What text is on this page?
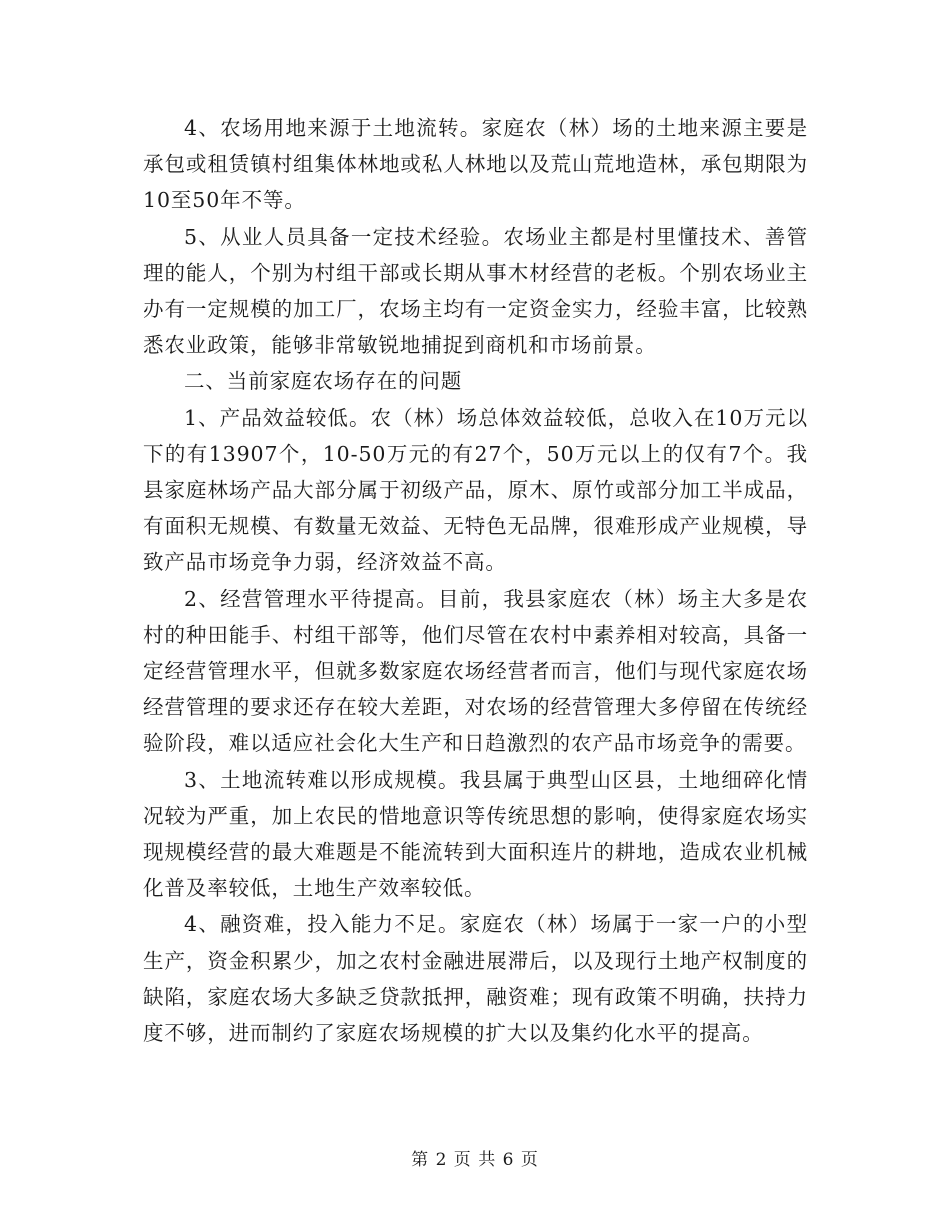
4、农场用地来源于土地流转。家庭农（林）场的土地来源主要是承包或租赁镇村组集体林地或私人林地以及荒山荒地造林，承包期限为10至50年不等。

5、从业人员具备一定技术经验。农场业主都是村里懂技术、善管理的能人，个别为村组干部或长期从事木材经营的老板。个别农场业主办有一定规模的加工厂，农场主均有一定资金实力，经验丰富，比较熟悉农业政策，能够非常敏锐地捕捉到商机和市场前景。

二、当前家庭农场存在的问题

1、产品效益较低。农（林）场总体效益较低，总收入在10万元以下的有13907个，10-50万元的有27个，50万元以上的仅有7个。我县家庭林场产品大部分属于初级产品，原木、原竹或部分加工半成品，有面积无规模、有数量无效益、无特色无品牌，很难形成产业规模，导致产品市场竞争力弱，经济效益不高。

2、经营管理水平待提高。目前，我县家庭农（林）场主大多是农村的种田能手、村组干部等，他们尽管在农村中素养相对较高，具备一定经营管理水平，但就多数家庭农场经营者而言，他们与现代家庭农场经营管理的要求还存在较大差距，对农场的经营管理大多停留在传统经验阶段，难以适应社会化大生产和日趋激烈的农产品市场竞争的需要。

3、土地流转难以形成规模。我县属于典型山区县，土地细碎化情况较为严重，加上农民的惜地意识等传统思想的影响，使得家庭农场实现规模经营的最大难题是不能流转到大面积连片的耕地，造成农业机械化普及率较低，土地生产效率较低。

4、融资难，投入能力不足。家庭农（林）场属于一家一户的小型生产，资金积累少，加之农村金融进展滞后，以及现行土地产权制度的缺陷，家庭农场大多缺乏贷款抵押，融资难；现有政策不明确，扶持力度不够，进而制约了家庭农场规模的扩大以及集约化水平的提高。

第 2 页 共 6 页
